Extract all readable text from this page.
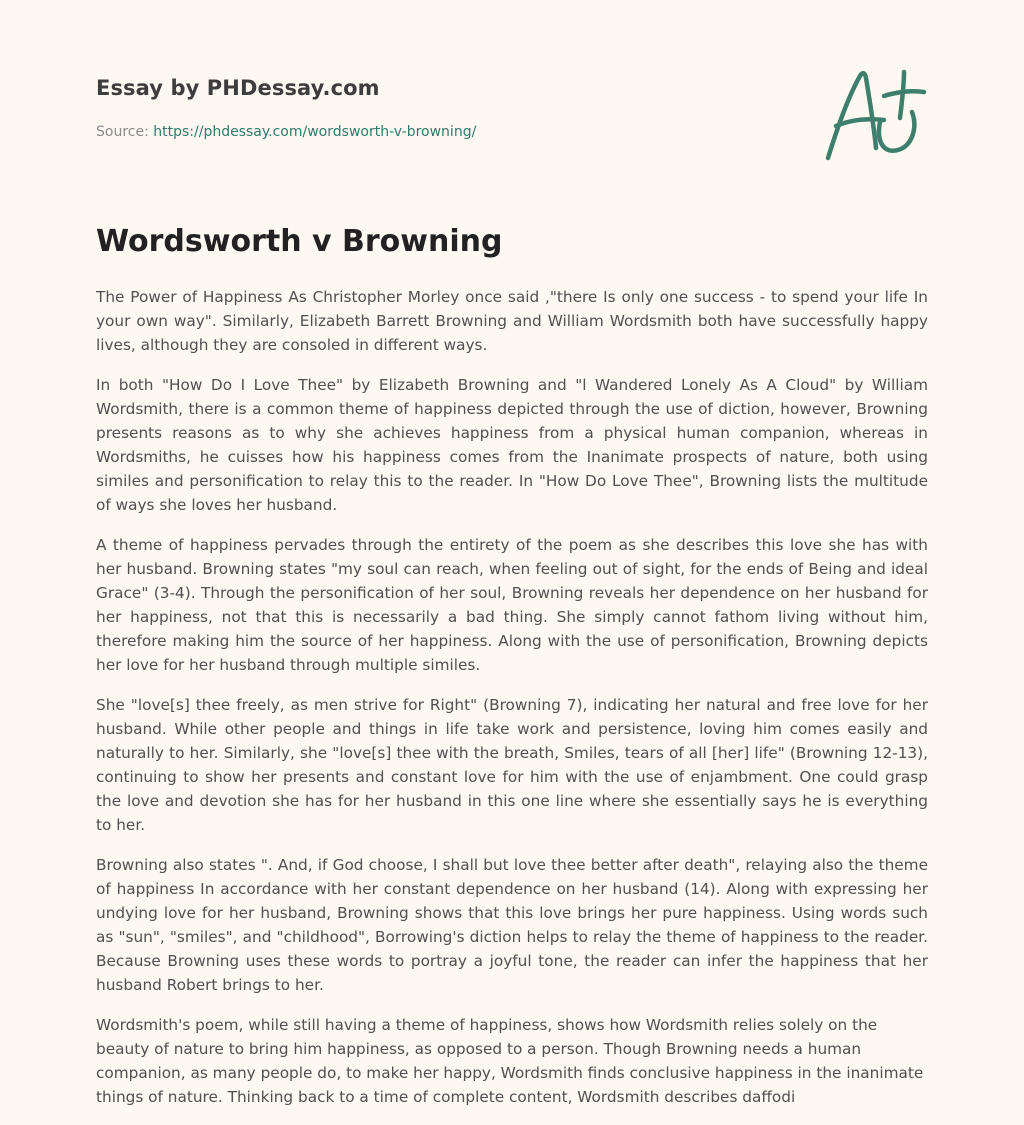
Essay by PHDessay.com
Source: https://phdessay.com/wordsworth-v-browning/
Wordsworth v Browning

The Power of Happiness As Christopher Morley once said ,"there Is only one success - to spend your life In your own way". Similarly, Elizabeth Barrett Browning and William Wordsmith both have successfully happy lives, although they are consoled in different ways.

In both "How Do I Love Thee" by Elizabeth Browning and "l Wandered Lonely As A Cloud" by William Wordsmith, there is a common theme of happiness depicted through the use of diction, however, Browning presents reasons as to why she achieves happiness from a physical human companion, whereas in Wordsmiths, he cuisses how his happiness comes from the Inanimate prospects of nature, both using similes and personification to relay this to the reader. In "How Do Love Thee", Browning lists the multitude of ways she loves her husband.

A theme of happiness pervades through the entirety of the poem as she describes this love she has with her husband. Browning states "my soul can reach, when feeling out of sight, for the ends of Being and ideal Grace" (3-4). Through the personification of her soul, Browning reveals her dependence on her husband for her happiness, not that this is necessarily a bad thing. She simply cannot fathom living without him, therefore making him the source of her happiness. Along with the use of personification, Browning depicts her love for her husband through multiple similes.

She "love[s] thee freely, as men strive for Right" (Browning 7), indicating her natural and free love for her husband. While other people and things in life take work and persistence, loving him comes easily and naturally to her. Similarly, she "love[s] thee with the breath, Smiles, tears of all [her] life" (Browning 12-13), continuing to show her presents and constant love for him with the use of enjambment. One could grasp the love and devotion she has for her husband in this one line where she essentially says he is everything to her.

Browning also states ". And, if God choose, I shall but love thee better after death", relaying also the theme of happiness In accordance with her constant dependence on her husband (14). Along with expressing her undying love for her husband, Browning shows that this love brings her pure happiness. Using words such as "sun", "smiles", and "childhood", Borrowing's diction helps to relay the theme of happiness to the reader. Because Browning uses these words to portray a joyful tone, the reader can infer the happiness that her husband Robert brings to her.

Wordsmith's poem, while still having a theme of happiness, shows how Wordsmith relies solely on the beauty of nature to bring him happiness, as opposed to a person. Though Browning needs a human companion, as many people do, to make her happy, Wordsmith finds conclusive happiness in the inanimate things of nature. Thinking back to a time of complete content, Wordsmith describes daffodi
